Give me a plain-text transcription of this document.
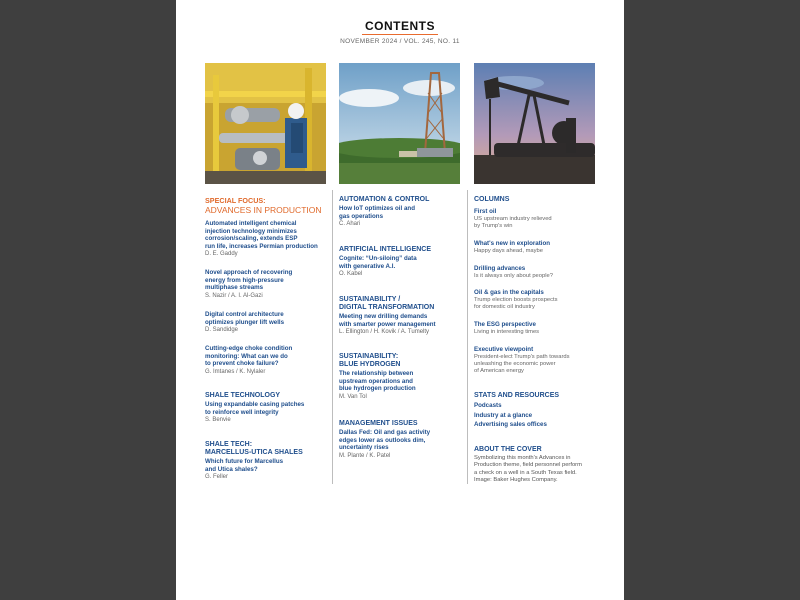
CONTENTS
NOVEMBER 2024 / VOL. 245, NO. 11
SPECIAL FOCUS:
ADVANCES IN PRODUCTION
Automated intelligent chemical
injection technology minimizes
corrosion/scaling, extends ESP
run life, increases Permian production
D. E. Gaddy
Novel approach of recovering
energy from high-pressure
multiphase streams
S. Nazir / A. I. Al-Gazi
Digital control architecture
optimizes plunger lift wells
D. Sandidge
Cutting-edge choke condition
monitoring: What can we do
to prevent choke failure?
G. Imtanes / K. Nylaler
SHALE TECHNOLOGY
Using expandable casing patches
to reinforce well integrity
S. Benvie
SHALE TECH:
MARCELLUS-UTICA SHALES
Which future for Marcellus
and Utica shales?
G. Feller
AUTOMATION & CONTROL
How IoT optimizes oil and
gas operations
C. Ahari
ARTIFICIAL INTELLIGENCE
Cognite: “Un-siloing” data
with generative A.I.
O. Kabel
SUSTAINABILITY /
DIGITAL TRANSFORMATION
Meeting new drilling demands
with smarter power management
L. Ellington / H. Kovik / A. Tumelty
SUSTAINABILITY:
BLUE HYDROGEN
The relationship between
upstream operations and
blue hydrogen production
M. Van Tol
MANAGEMENT ISSUES
Dallas Fed: Oil and gas activity
edges lower as outlooks dim,
uncertainty rises
M. Plante / K. Patel
COLUMNS
First oil
US upstream industry relieved
by Trump's win
What's new in exploration
Happy days ahead, maybe
Drilling advances
Is it always only about people?
Oil & gas in the capitals
Trump election boosts prospects
for domestic oil industry
The ESG perspective
Living in interesting times
Executive viewpoint
President-elect Trump's path towards
unleashing the economic power
of American energy
STATS AND RESOURCES
Podcasts
Industry at a glance
Advertising sales offices
ABOUT THE COVER
Symbolizing this month's Advances in
Production theme, field personnel perform
a check on a well in a South Texas field.
Image: Baker Hughes Company.
